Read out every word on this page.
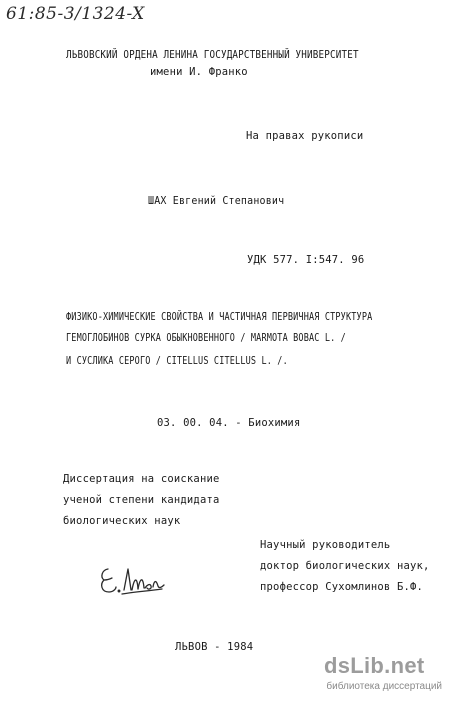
61:85-3/1324-X
ЛЬВОВСКИЙ ОРДЕНА ЛЕНИНА ГОСУДАРСТВЕННЫЙ УНИВЕРСИТЕТ
имени И. Франко
На правах рукописи
ШАХ Евгений Степанович
УДК 577. I:547. 96
ФИЗИКО-ХИМИЧЕСКИЕ СВОЙСТВА И ЧАСТИЧНАЯ ПЕРВИЧНАЯ СТРУКТУРА
ГЕМОГЛОБИНОВ СУРКА ОБЫКНОВЕННОГО / MARMOTA BOBAC L. /
И СУСЛИКА СЕРОГО / CITELLUS CITELLUS L. /.
03. 00. 04. - Биохимия
Диссертация на соискание
ученой степени кандидата
биологических наук
Научный руководитель
доктор биологических наук,
профессор Сухомлинов Б.Ф.
ЛЬВОВ - 1984
dsLib.net
библиотека диссертаций
